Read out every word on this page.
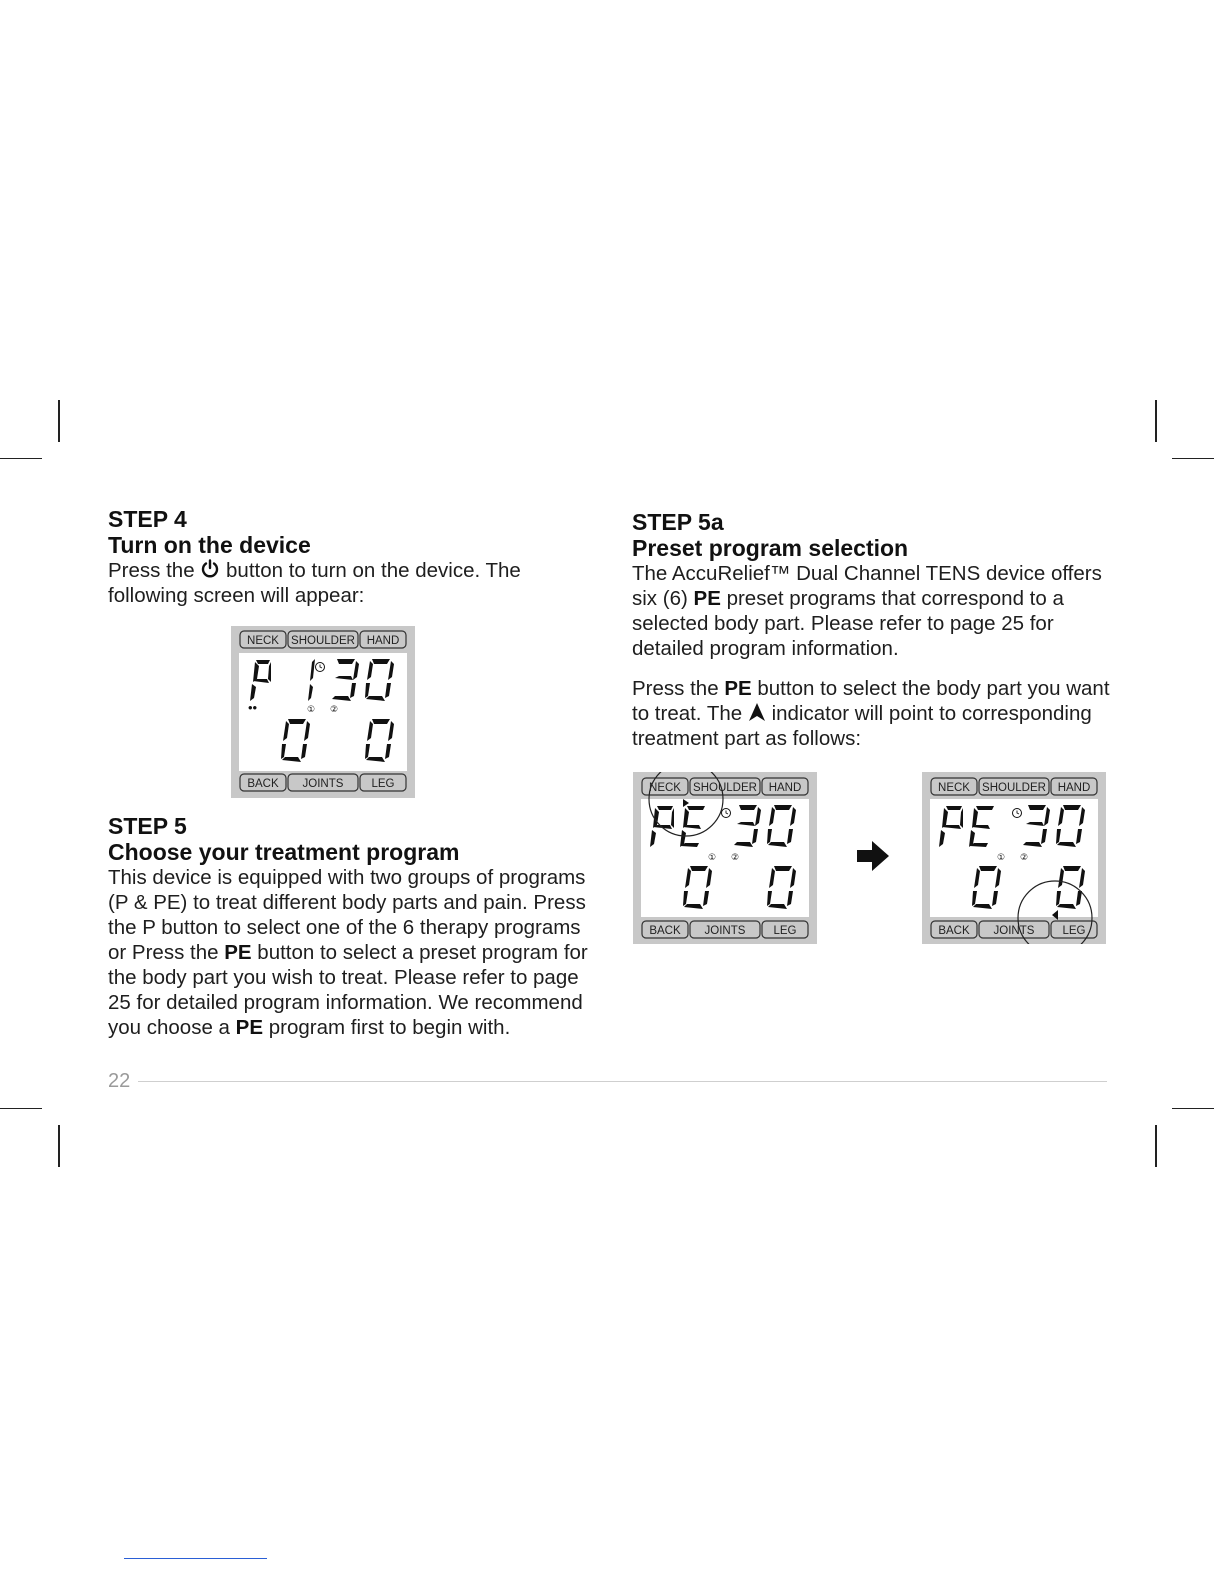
STEP 4
Turn on the device

Press the button to turn on the device. The following screen will appear:

NECK SHOULDER HAND
BACK JOINTS LEG
••	① ②
STEP 5
Choose your treatment program

This device is equipped with two groups of programs (P & PE) to treat different body parts and pain. Press the P button to select one of the 6 therapy programs or Press the PE button to select a preset program for the body part you wish to treat. Please refer to page 25 for detailed program information. We recommend you choose a PE program first to begin with.

STEP 5a
Preset program selection

The AccuRelief™ Dual Channel TENS device offers six (6) PE preset programs that correspond to a selected body part. Please refer to page 25 for detailed program information.

Press the PE button to select the body part you want to treat. The indicator will point to corresponding treatment part as follows:

NECK SHOULDER HAND
BACK JOINTS LEG
① ②
NECK SHOULDER HAND
BACK JOINTS LEG
① ②
22
